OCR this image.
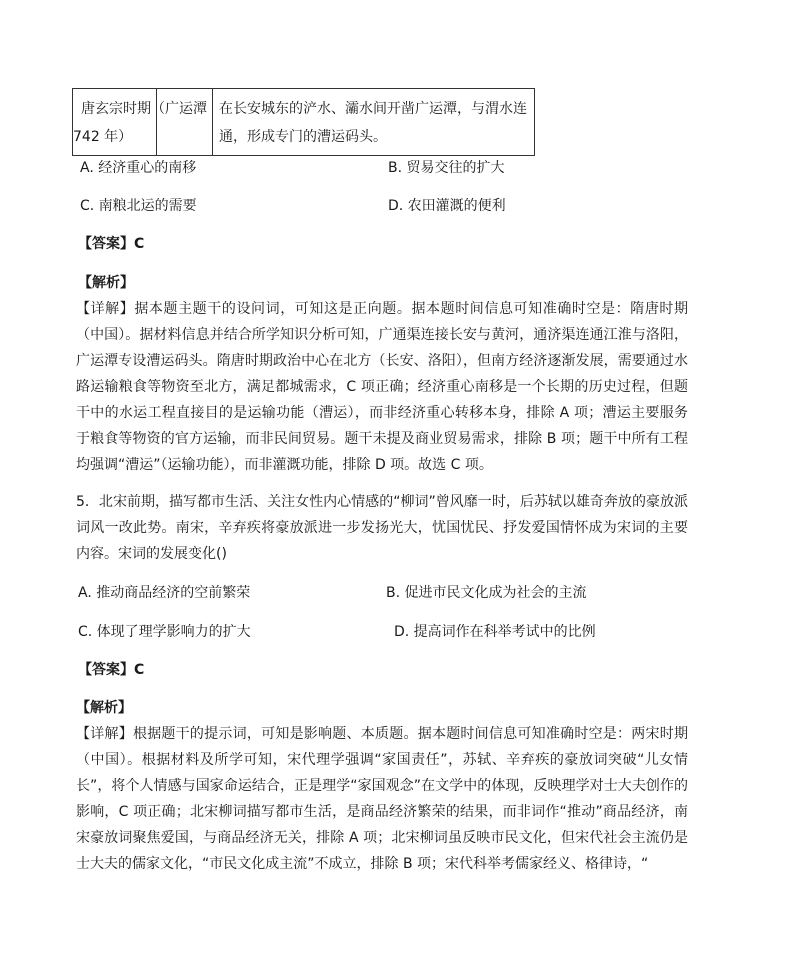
唐玄宗时期（
742 年）
	广运潭	在长安城东的浐水、灞水间开凿广运潭，与渭水连通，形成专门的漕运码头。
A. 经济重心的南移	B. 贸易交往的扩大
C. 南粮北运的需要	D. 农田灌溉的便利
【答案】C
【解析】

【详解】据本题主题干的设问词，可知这是正向题。据本题时间信息可知准确时空是：隋唐时期（中国）。据材料信息并结合所学知识分析可知，广通渠连接长安与黄河，通济渠连通江淮与洛阳，广运潭专设漕运码头。隋唐时期政治中心在北方（长安、洛阳），但南方经济逐渐发展，需要通过水路运输粮食等物资至北方，满足都城需求，C 项正确；经济重心南移是一个长期的历史过程，但题干中的水运工程直接目的是运输功能（漕运），而非经济重心转移本身，排除 A 项；漕运主要服务于粮食等物资的官方运输，而非民间贸易。题干未提及商业贸易需求，排除 B 项；题干中所有工程均强调“漕运”（运输功能），而非灌溉功能，排除 D 项。故选 C 项。

5．北宋前期，描写都市生活、关注女性内心情感的“柳词”曾风靡一时，后苏轼以雄奇奔放的豪放派词风一改此势。南宋，辛弃疾将豪放派进一步发扬光大，忧国忧民、抒发爱国情怀成为宋词的主要内容。宋词的发展变化()

A. 推动商品经济的空前繁荣	B. 促进市民文化成为社会的主流
C. 体现了理学影响力的扩大	D. 提高词作在科举考试中的比例
【答案】C
【解析】

【详解】根据题干的提示词，可知是影响题、本质题。据本题时间信息可知准确时空是：两宋时期（中国）。根据材料及所学可知，宋代理学强调“家国责任”，苏轼、辛弃疾的豪放词突破“儿女情长”，将个人情感与国家命运结合，正是理学“家国观念”在文学中的体现，反映理学对士大夫创作的影响，C 项正确；北宋柳词描写都市生活，是商品经济繁荣的结果，而非词作“推动”商品经济，南宋豪放词聚焦爱国，与商品经济无关，排除 A 项；北宋柳词虽反映市民文化，但宋代社会主流仍是士大夫的儒家文化，“市民文化成主流”不成立，排除 B 项；宋代科举考儒家经义、格律诗，“
